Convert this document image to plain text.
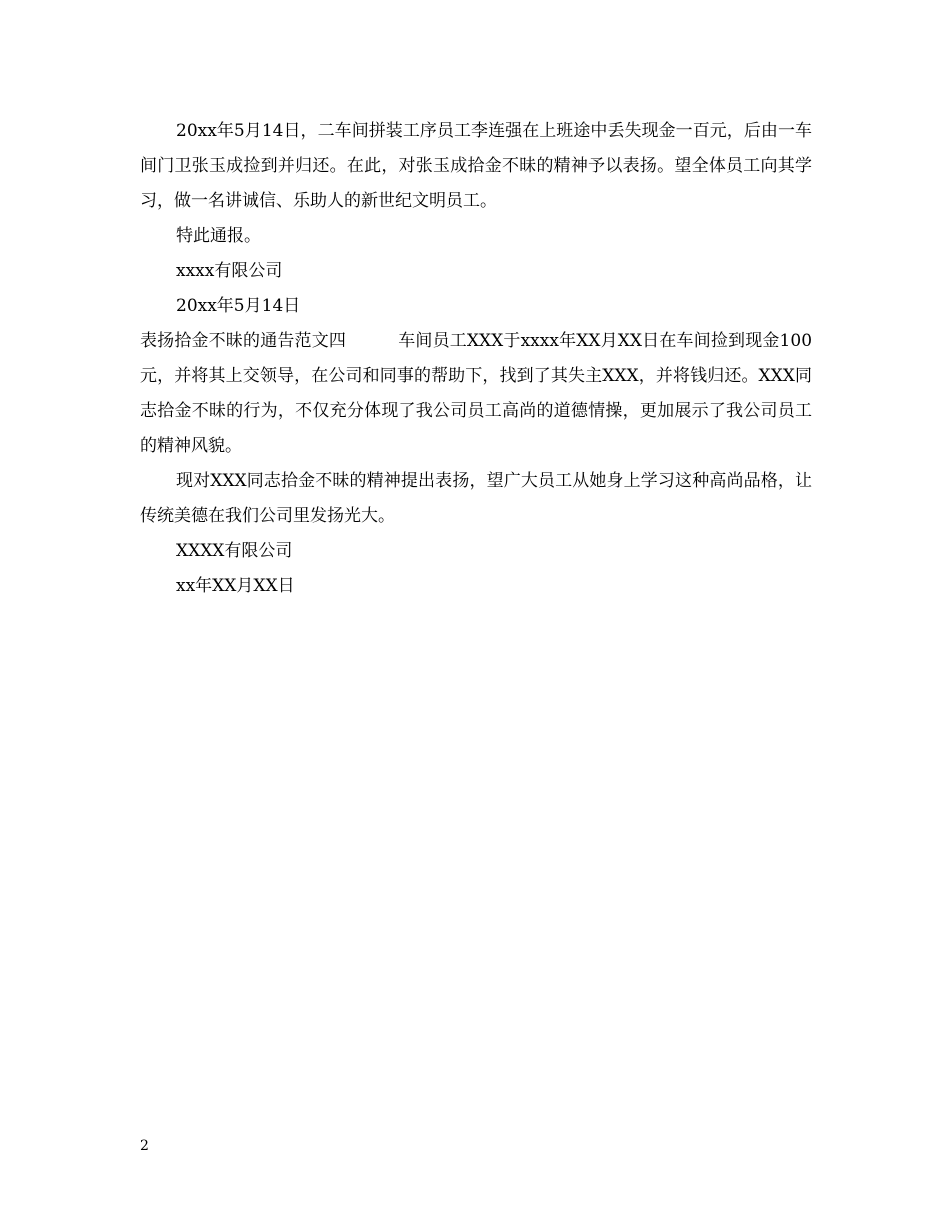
20xx年5月14日，二车间拼装工序员工李连强在上班途中丢失现金一百元，后由一车间门卫张玉成捡到并归还。在此，对张玉成拾金不昧的精神予以表扬。望全体员工向其学习，做一名讲诚信、乐助人的新世纪文明员工。

特此通报。

xxxx有限公司

20xx年5月14日

表扬拾金不昧的通告范文四	车间员工XXX于xxxx年XX月XX日在车间捡到现金100元，并将其上交领导，在公司和同事的帮助下，找到了其失主XXX，并将钱归还。XXX同志拾金不昧的行为，不仅充分体现了我公司员工高尚的道德情操，更加展示了我公司员工的精神风貌。

现对XXX同志拾金不昧的精神提出表扬，望广大员工从她身上学习这种高尚品格，让传统美德在我们公司里发扬光大。

XXXX有限公司

xx年XX月XX日

2
